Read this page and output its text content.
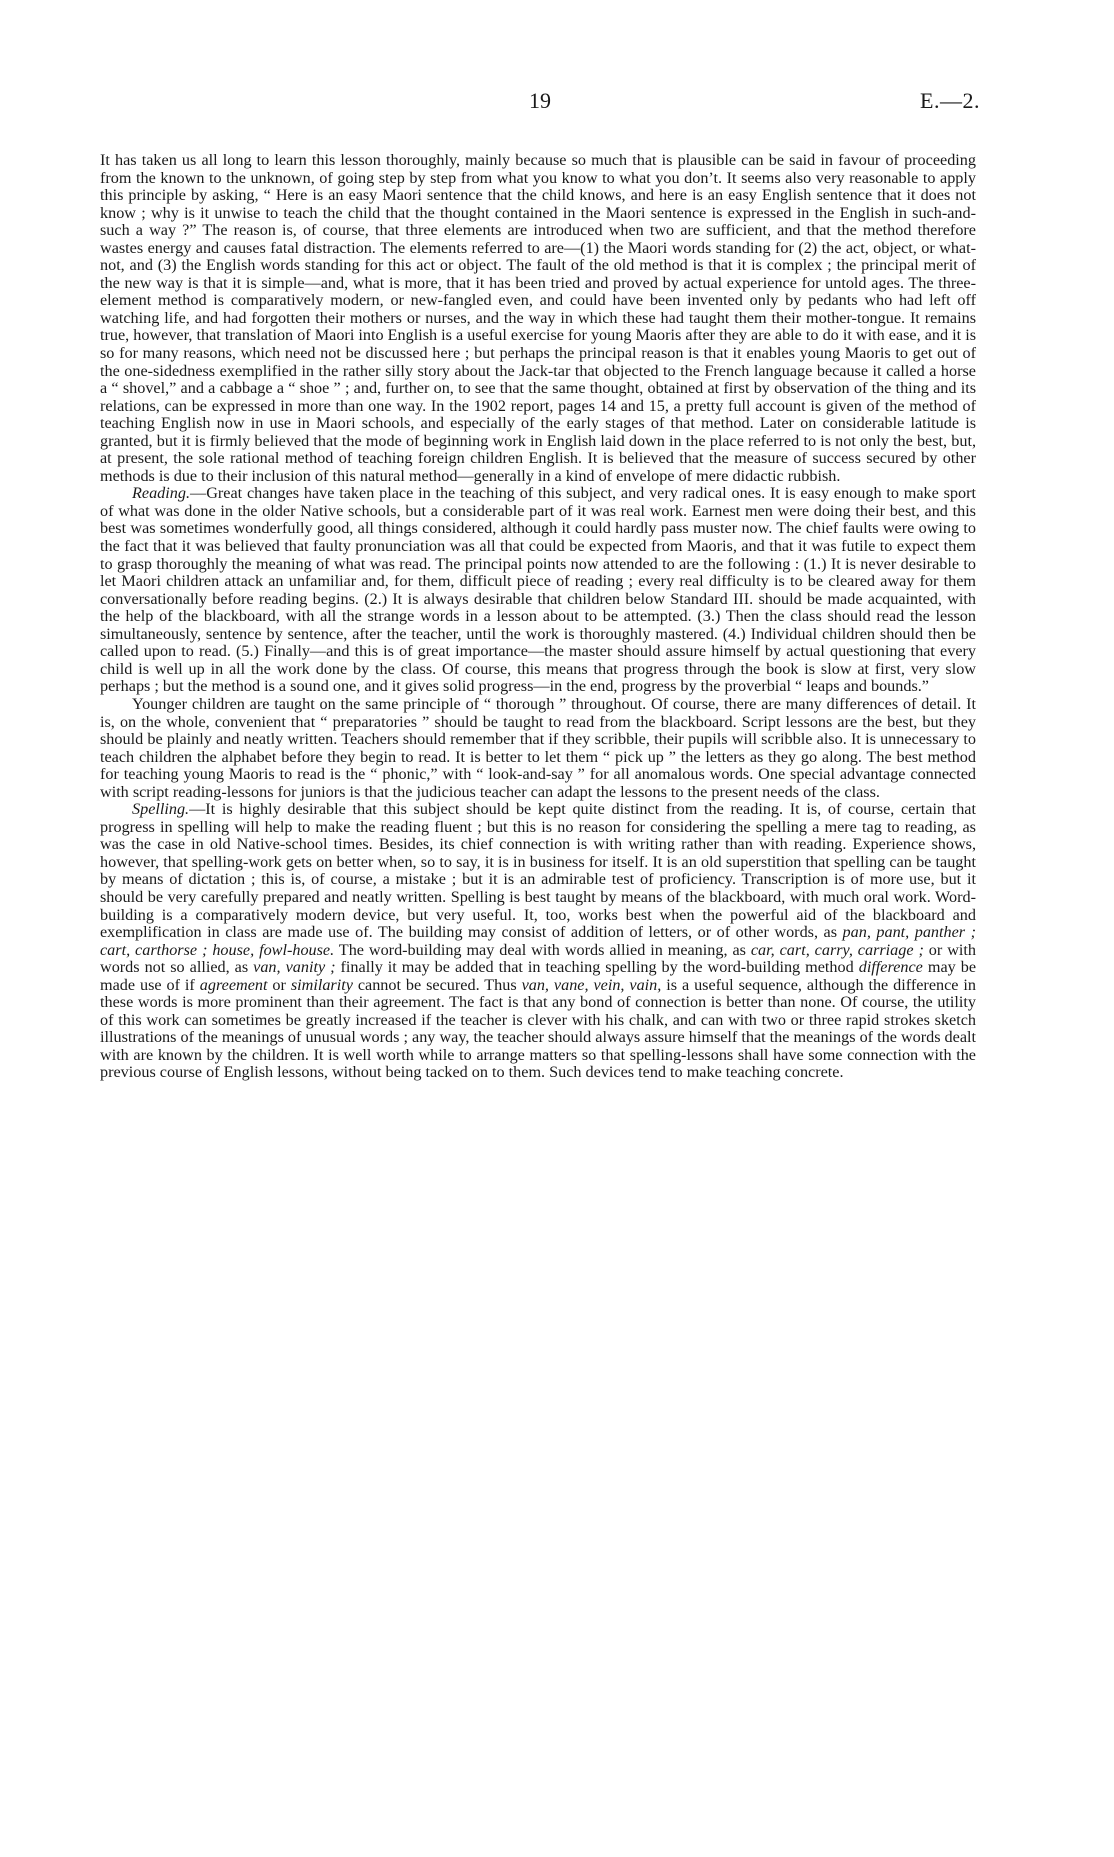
19	E.—2.

It has taken us all long to learn this lesson thoroughly, mainly because so much that is plausible can be said in favour of proceeding from the known to the unknown, of going step by step from what you know to what you don’t. It seems also very reasonable to apply this principle by asking, “ Here is an easy Maori sentence that the child knows, and here is an easy English sentence that it does not know ; why is it unwise to teach the child that the thought contained in the Maori sentence is expressed in the English in such-and-such a way ?” The reason is, of course, that three elements are introduced when two are sufficient, and that the method therefore wastes energy and causes fatal distraction. The elements referred to are—(1) the Maori words standing for (2) the act, object, or what-not, and (3) the English words standing for this act or object. The fault of the old method is that it is complex ; the principal merit of the new way is that it is simple—and, what is more, that it has been tried and proved by actual experience for untold ages. The three-element method is comparatively modern, or new-fangled even, and could have been invented only by pedants who had left off watching life, and had forgotten their mothers or nurses, and the way in which these had taught them their mother-tongue. It remains true, however, that translation of Maori into English is a useful exercise for young Maoris after they are able to do it with ease, and it is so for many reasons, which need not be discussed here ; but perhaps the principal reason is that it enables young Maoris to get out of the one-sidedness exemplified in the rather silly story about the Jack-tar that objected to the French language because it called a horse a “ shovel,” and a cabbage a “ shoe ” ; and, further on, to see that the same thought, obtained at first by observation of the thing and its relations, can be expressed in more than one way. In the 1902 report, pages 14 and 15, a pretty full account is given of the method of teaching English now in use in Maori schools, and especially of the early stages of that method. Later on considerable latitude is granted, but it is firmly believed that the mode of beginning work in English laid down in the place referred to is not only the best, but, at present, the sole rational method of teaching foreign children English. It is believed that the measure of success secured by other methods is due to their inclusion of this natural method—generally in a kind of envelope of mere didactic rubbish.

Reading.—Great changes have taken place in the teaching of this subject, and very radical ones. It is easy enough to make sport of what was done in the older Native schools, but a considerable part of it was real work. Earnest men were doing their best, and this best was sometimes wonderfully good, all things considered, although it could hardly pass muster now. The chief faults were owing to the fact that it was believed that faulty pronunciation was all that could be expected from Maoris, and that it was futile to expect them to grasp thoroughly the meaning of what was read. The principal points now attended to are the following : (1.) It is never desirable to let Maori children attack an unfamiliar and, for them, difficult piece of reading ; every real difficulty is to be cleared away for them conversationally before reading begins. (2.) It is always desirable that children below Standard III. should be made acquainted, with the help of the blackboard, with all the strange words in a lesson about to be attempted. (3.) Then the class should read the lesson simultaneously, sentence by sentence, after the teacher, until the work is thoroughly mastered. (4.) Individual children should then be called upon to read. (5.) Finally—and this is of great importance—the master should assure himself by actual questioning that every child is well up in all the work done by the class. Of course, this means that progress through the book is slow at first, very slow perhaps ; but the method is a sound one, and it gives solid progress—in the end, progress by the proverbial “ leaps and bounds.”

Younger children are taught on the same principle of “ thorough ” throughout. Of course, there are many differences of detail. It is, on the whole, convenient that “ preparatories ” should be taught to read from the blackboard. Script lessons are the best, but they should be plainly and neatly written. Teachers should remember that if they scribble, their pupils will scribble also. It is unnecessary to teach children the alphabet before they begin to read. It is better to let them “ pick up ” the letters as they go along. The best method for teaching young Maoris to read is the “ phonic,” with “ look-and-say ” for all anomalous words. One special advantage connected with script reading-lessons for juniors is that the judicious teacher can adapt the lessons to the present needs of the class.

Spelling.—It is highly desirable that this subject should be kept quite distinct from the reading. It is, of course, certain that progress in spelling will help to make the reading fluent ; but this is no reason for considering the spelling a mere tag to reading, as was the case in old Native-school times. Besides, its chief connection is with writing rather than with reading. Experience shows, however, that spelling-work gets on better when, so to say, it is in business for itself. It is an old superstition that spelling can be taught by means of dictation ; this is, of course, a mistake ; but it is an admirable test of proficiency. Transcription is of more use, but it should be very carefully prepared and neatly written. Spelling is best taught by means of the blackboard, with much oral work. Word-building is a comparatively modern device, but very useful. It, too, works best when the powerful aid of the blackboard and exemplification in class are made use of. The building may consist of addition of letters, or of other words, as pan, pant, panther ; cart, carthorse ; house, fowl-house. The word-building may deal with words allied in meaning, as car, cart, carry, carriage ; or with words not so allied, as van, vanity ; finally it may be added that in teaching spelling by the word-building method difference may be made use of if agreement or similarity cannot be secured. Thus van, vane, vein, vain, is a useful sequence, although the difference in these words is more prominent than their agreement. The fact is that any bond of connection is better than none. Of course, the utility of this work can sometimes be greatly increased if the teacher is clever with his chalk, and can with two or three rapid strokes sketch illustrations of the meanings of unusual words ; any way, the teacher should always assure himself that the meanings of the words dealt with are known by the children. It is well worth while to arrange matters so that spelling-lessons shall have some connection with the previous course of English lessons, without being tacked on to them. Such devices tend to make teaching concrete.
